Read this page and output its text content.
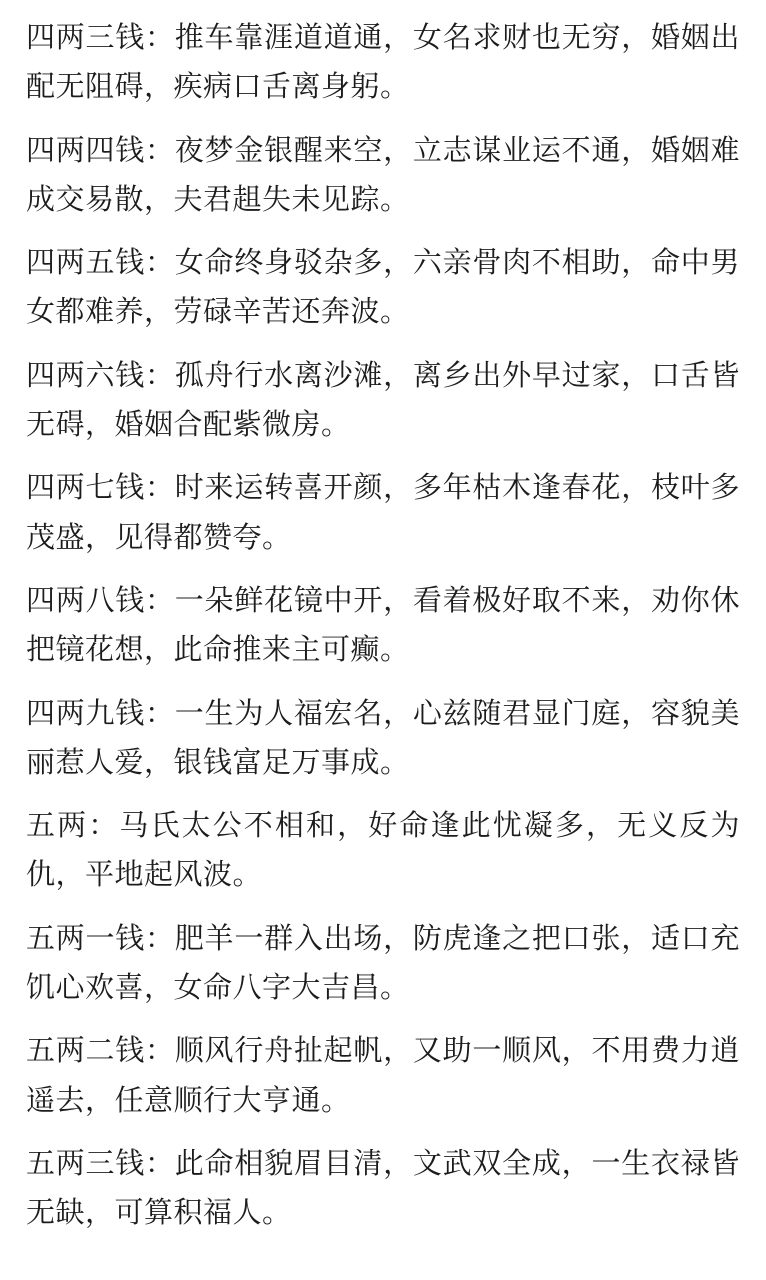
四两三钱：推车靠涯道道通，女名求财也无穷，婚姻出配无阻碍，疾病口舌离身躬。

四两四钱：夜梦金银醒来空，立志谋业运不通，婚姻难成交易散，夫君趄失未见踪。

四两五钱：女命终身驳杂多，六亲骨肉不相助，命中男女都难养，劳碌辛苦还奔波。

四两六钱：孤舟行水离沙滩，离乡出外早过家，口舌皆无碍，婚姻合配紫微房。

四两七钱：时来运转喜开颜，多年枯木逢春花，枝叶多茂盛，见得都赞夸。

四两八钱：一朵鲜花镜中开，看着极好取不来，劝你休把镜花想，此命推来主可癫。

四两九钱：一生为人福宏名，心兹随君显门庭，容貌美丽惹人爱，银钱富足万事成。

五两：马氏太公不相和，好命逢此忧凝多，无义反为仇，平地起风波。

五两一钱：肥羊一群入出场，防虎逢之把口张，适口充饥心欢喜，女命八字大吉昌。

五两二钱：顺风行舟扯起帆，又助一顺风，不用费力逍遥去，任意顺行大亨通。

五两三钱：此命相貌眉目清，文武双全成，一生衣禄皆无缺，可算积福人。
